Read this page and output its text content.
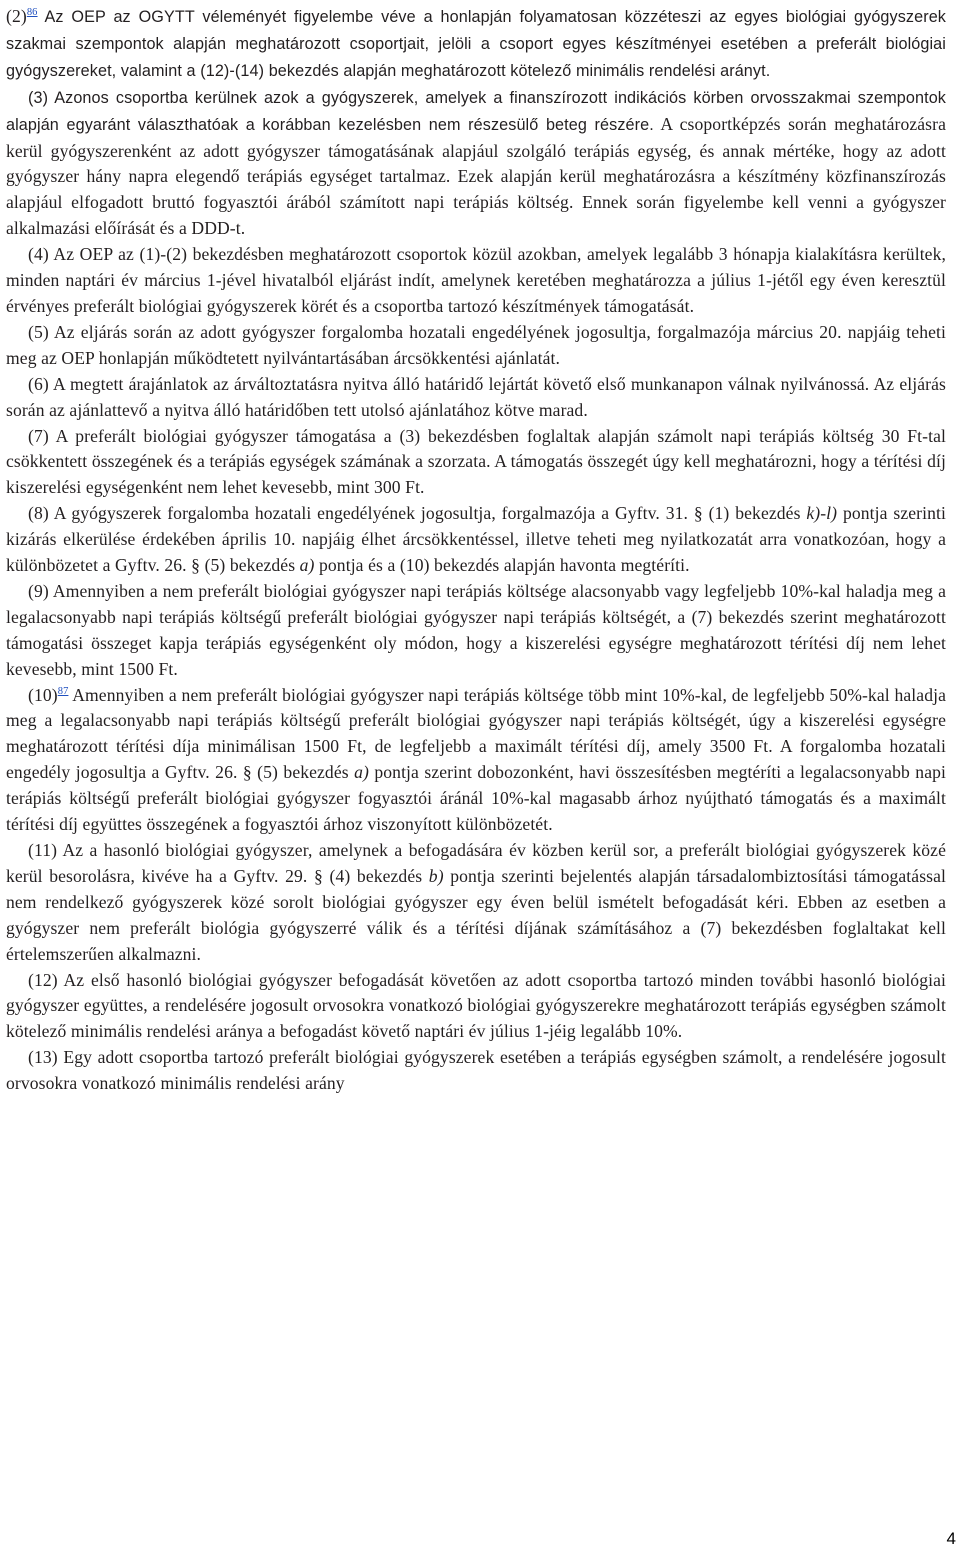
(2)$^{86}$ Az OEP az OGYTT véleményét figyelembe véve a honlapján folyamatosan közzéteszi az egyes biológiai gyógyszerek szakmai szempontok alapján meghatározott csoportjait, jelöli a csoport egyes készítményei esetében a preferált biológiai gyógyszereket, valamint a (12)-(14) bekezdés alapján meghatározott kötelező minimális rendelési arányt.

(3) Azonos csoportba kerülnek azok a gyógyszerek, amelyek a finanszírozott indikációs körben orvosszakmai szempontok alapján egyaránt választhatóak a korábban kezelésben nem részesülő beteg részére. A csoportképzés során meghatározásra kerül gyógyszerenként az adott gyógyszer támogatásának alapjául szolgáló terápiás egység, és annak mértéke, hogy az adott gyógyszer hány napra elegendő terápiás egységet tartalmaz. Ezek alapján kerül meghatározásra a készítmény közfinanszírozás alapjául elfogadott bruttó fogyasztói árából számított napi terápiás költség. Ennek során figyelembe kell venni a gyógyszer alkalmazási előírását és a DDD-t.

(4) Az OEP az (1)-(2) bekezdésben meghatározott csoportok közül azokban, amelyek legalább 3 hónapja kialakításra kerültek, minden naptári év március 1-jével hivatalból eljárást indít, amelynek keretében meghatározza a július 1-jétől egy éven keresztül érvényes preferált biológiai gyógyszerek körét és a csoportba tartozó készítmények támogatását.

(5) Az eljárás során az adott gyógyszer forgalomba hozatali engedélyének jogosultja, forgalmazója március 20. napjáig teheti meg az OEP honlapján működtetett nyilvántartásában árcsökkentési ajánlatát.

(6) A megtett árajánlatok az árváltoztatásra nyitva álló határidő lejártát követő első munkanapon válnak nyilvánossá. Az eljárás során az ajánlattevő a nyitva álló határidőben tett utolsó ajánlatához kötve marad.

(7) A preferált biológiai gyógyszer támogatása a (3) bekezdésben foglaltak alapján számolt napi terápiás költség 30 Ft-tal csökkentett összegének és a terápiás egységek számának a szorzata. A támogatás összegét úgy kell meghatározni, hogy a térítési díj kiszerelési egységenként nem lehet kevesebb, mint 300 Ft.

(8) A gyógyszerek forgalomba hozatali engedélyének jogosultja, forgalmazója a Gyftv. 31. § (1) bekezdés k)-l) pontja szerinti kizárás elkerülése érdekében április 10. napjáig élhet árcsökkentéssel, illetve teheti meg nyilatkozatát arra vonatkozóan, hogy a különbözetet a Gyftv. 26. § (5) bekezdés a) pontja és a (10) bekezdés alapján havonta megtéríti.

(9) Amennyiben a nem preferált biológiai gyógyszer napi terápiás költsége alacsonyabb vagy legfeljebb 10%-kal haladja meg a legalacsonyabb napi terápiás költségű preferált biológiai gyógyszer napi terápiás költségét, a (7) bekezdés szerint meghatározott támogatási összeget kapja terápiás egységenként oly módon, hogy a kiszerelési egységre meghatározott térítési díj nem lehet kevesebb, mint 1500 Ft.

(10)$^{87}$ Amennyiben a nem preferált biológiai gyógyszer napi terápiás költsége több mint 10%-kal, de legfeljebb 50%-kal haladja meg a legalacsonyabb napi terápiás költségű preferált biológiai gyógyszer napi terápiás költségét, úgy a kiszerelési egységre meghatározott térítési díja minimálisan 1500 Ft, de legfeljebb a maximált térítési díj, amely 3500 Ft. A forgalomba hozatali engedély jogosultja a Gyftv. 26. § (5) bekezdés a) pontja szerint dobozonként, havi összesítésben megtéríti a legalacsonyabb napi terápiás költségű preferált biológiai gyógyszer fogyasztói áránál 10%-kal magasabb árhoz nyújtható támogatás és a maximált térítési díj együttes összegének a fogyasztói árhoz viszonyított különbözetét.

(11) Az a hasonló biológiai gyógyszer, amelynek a befogadására év közben kerül sor, a preferált biológiai gyógyszerek közé kerül besorolásra, kivéve ha a Gyftv. 29. § (4) bekezdés b) pontja szerinti bejelentés alapján társadalombiztosítási támogatással nem rendelkező gyógyszerek közé sorolt biológiai gyógyszer egy éven belül ismételt befogadását kéri. Ebben az esetben a gyógyszer nem preferált biológia gyógyszerré válik és a térítési díjának számításához a (7) bekezdésben foglaltakat kell értelemszerűen alkalmazni.

(12) Az első hasonló biológiai gyógyszer befogadását követően az adott csoportba tartozó minden további hasonló biológiai gyógyszer együttes, a rendelésére jogosult orvosokra vonatkozó biológiai gyógyszerekre meghatározott terápiás egységben számolt kötelező minimális rendelési aránya a befogadást követő naptári év július 1-jéig legalább 10%.

(13) Egy adott csoportba tartozó preferált biológiai gyógyszerek esetében a terápiás egységben számolt, a rendelésére jogosult orvosokra vonatkozó minimális rendelési arány

4
